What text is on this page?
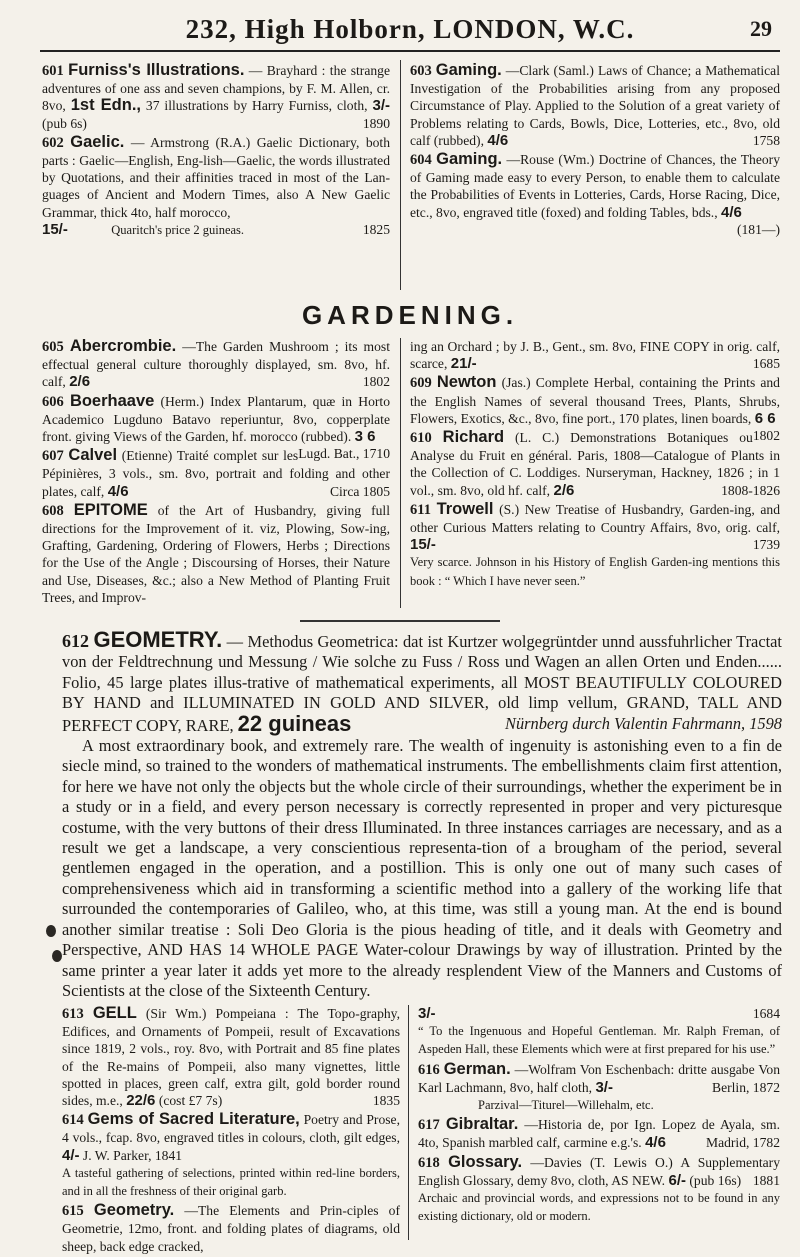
232, High Holborn, LONDON, W.C.	29

601 Furniss's Illustrations. — Brayhard : the strange adventures of one ass and seven champions, by F. M. Allen, cr. 8vo, 1st Edn., 37 illustrations by Harry Furniss, cloth, 3/- (pub 6s)	1890

602 Gaelic. — Armstrong (R.A.) Gaelic Dictionary, both parts : Gaelic—English, Eng-lish—Gaelic, the words illustrated by Quotations, and their affinities traced in most of the Lan-guages of Ancient and Modern Times, also A New Gaelic Grammar, thick 4to, half morocco,
15/-	Quaritch's price 2 guineas.	1825

603 Gaming. —Clark (Saml.) Laws of Chance; a Mathematical Investigation of the Probabilities arising from any proposed Circumstance of Play. Applied to the Solution of a great variety of Problems relating to Cards, Bowls, Dice, Lotteries, etc., 8vo, old calf (rubbed), 4/6	1758

604 Gaming. —Rouse (Wm.) Doctrine of Chances, the Theory of Gaming made easy to every Person, to enable them to calculate the Probabilities of Events in Lotteries, Cards, Horse Racing, Dice, etc., 8vo, engraved title (foxed) and folding Tables, bds., 4/6
(181—)

GARDENING.

605 Abercrombie. —The Garden Mushroom ; its most effectual general culture thoroughly displayed, sm. 8vo, hf. calf, 2/6	1802

606 Boerhaave (Herm.) Index Plantarum, quæ in Horto Academico Lugduno Batavo reperiuntur, 8vo, copperplate front. giving Views of the Garden, hf. morocco (rubbed). 3 6
Lugd. Bat., 1710

607 Calvel (Etienne) Traité complet sur les Pépinières, 3 vols., sm. 8vo, portrait and folding and other plates, calf, 4/6	Circa 1805

608 EPITOME of the Art of Husbandry, giving full directions for the Improvement of it. viz, Plowing, Sow-ing, Grafting, Gardening, Ordering of Flowers, Herbs ; Directions for the Use of the Angle ; Discoursing of Horses, their Nature and Use, Diseases, &c.; also a New Method of Planting Fruit Trees, and Improv-

ing an Orchard ; by J. B., Gent., sm. 8vo, FINE COPY in orig. calf, scarce, 21/-	1685

609 Newton (Jas.) Complete Herbal, containing the Prints and the English Names of several thousand Trees, Plants, Shrubs, Flowers, Exotics, &c., 8vo, fine port., 170 plates, linen boards, 6 6
1802

610 Richard (L. C.) Demonstrations Botaniques ou Analyse du Fruit en général. Paris, 1808—Catalogue of Plants in the Collection of C. Loddiges. Nurseryman, Hackney, 1826 ; in 1 vol., sm. 8vo, old hf. calf, 2/6	1808-1826

611 Trowell (S.) New Treatise of Husbandry, Garden-ing, and other Curious Matters relating to Country Affairs, 8vo, orig. calf, 15/-	1739

Very scarce. Johnson in his History of English Garden-ing mentions this book : “ Which I have never seen.”

612 GEOMETRY. — Methodus Geometrica: dat ist Kurtzer wolgegrüntder unnd aussfuhrlicher Tractat von der Feldtrechnung und Messung / Wie solche zu Fuss / Ross und Wagen an allen Orten und Enden...... Folio, 45 large plates illus-trative of mathematical experiments, all MOST BEAUTIFULLY COLOURED BY HAND and ILLUMINATED IN GOLD AND SILVER, old limp vellum, GRAND, TALL AND PERFECT COPY, RARE, 22 guineas	Nürnberg durch Valentin Fahrmann, 1598

A most extraordinary book, and extremely rare. The wealth of ingenuity is astonishing even to a fin de siecle mind, so trained to the wonders of mathematical instruments. The embellishments claim first attention, for here we have not only the objects but the whole circle of their surroundings, whether the experiment be in a study or in a field, and every person necessary is correctly represented in proper and very picturesque costume, with the very buttons of their dress Illuminated. In three instances carriages are necessary, and as a result we get a landscape, a very conscientious representa-tion of a brougham of the period, several gentlemen engaged in the operation, and a postillion. This is only one out of many such cases of comprehensiveness which aid in transforming a scientific method into a gallery of the working life that surrounded the contemporaries of Galileo, who, at this time, was still a young man. At the end is bound another similar treatise : Soli Deo Gloria is the pious heading of title, and it deals with Geometry and Perspective, AND HAS 14 WHOLE PAGE Water-colour Drawings by way of illustration. Printed by the same printer a year later it adds yet more to the already resplendent View of the Manners and Customs of Scientists at the close of the Sixteenth Century.

613 GELL (Sir Wm.) Pompeiana : The Topo-graphy, Edifices, and Ornaments of Pompeii, result of Excavations since 1819, 2 vols., roy. 8vo, with Portrait and 85 fine plates of the Re-mains of Pompeii, also many vignettes, little spotted in places, green calf, extra gilt, gold border round sides, m.e., 22/6 (cost £7 7s)	1835

614 Gems of Sacred Literature, Poetry and Prose, 4 vols., fcap. 8vo, engraved titles in colours, cloth, gilt edges, 4/- J. W. Parker, 1841
A tasteful gathering of selections, printed within red-line borders, and in all the freshness of their original garb.

615 Geometry. —The Elements and Prin-ciples of Geometrie, 12mo, front. and folding plates of diagrams, old sheep, back edge cracked,

3/-	1684

“ To the Ingenuous and Hopeful Gentleman. Mr. Ralph Freman, of Aspeden Hall, these Elements which were at first prepared for his use.”

616 German. —Wolfram Von Eschenbach: dritte ausgabe Von Karl Lachmann, 8vo, half cloth, 3/-	Berlin, 1872

Parzival—Titurel—Willehalm, etc.

617 Gibraltar. —Historia de, por Ign. Lopez de Ayala, sm. 4to, Spanish marbled calf, carmine e.g.'s. 4/6	Madrid, 1782

618 Glossary. —Davies (T. Lewis O.) A Supplementary English Glossary, demy 8vo, cloth, AS NEW. 6/- (pub 16s) 1881

Archaic and provincial words, and expressions not to be found in any existing dictionary, old or modern.
